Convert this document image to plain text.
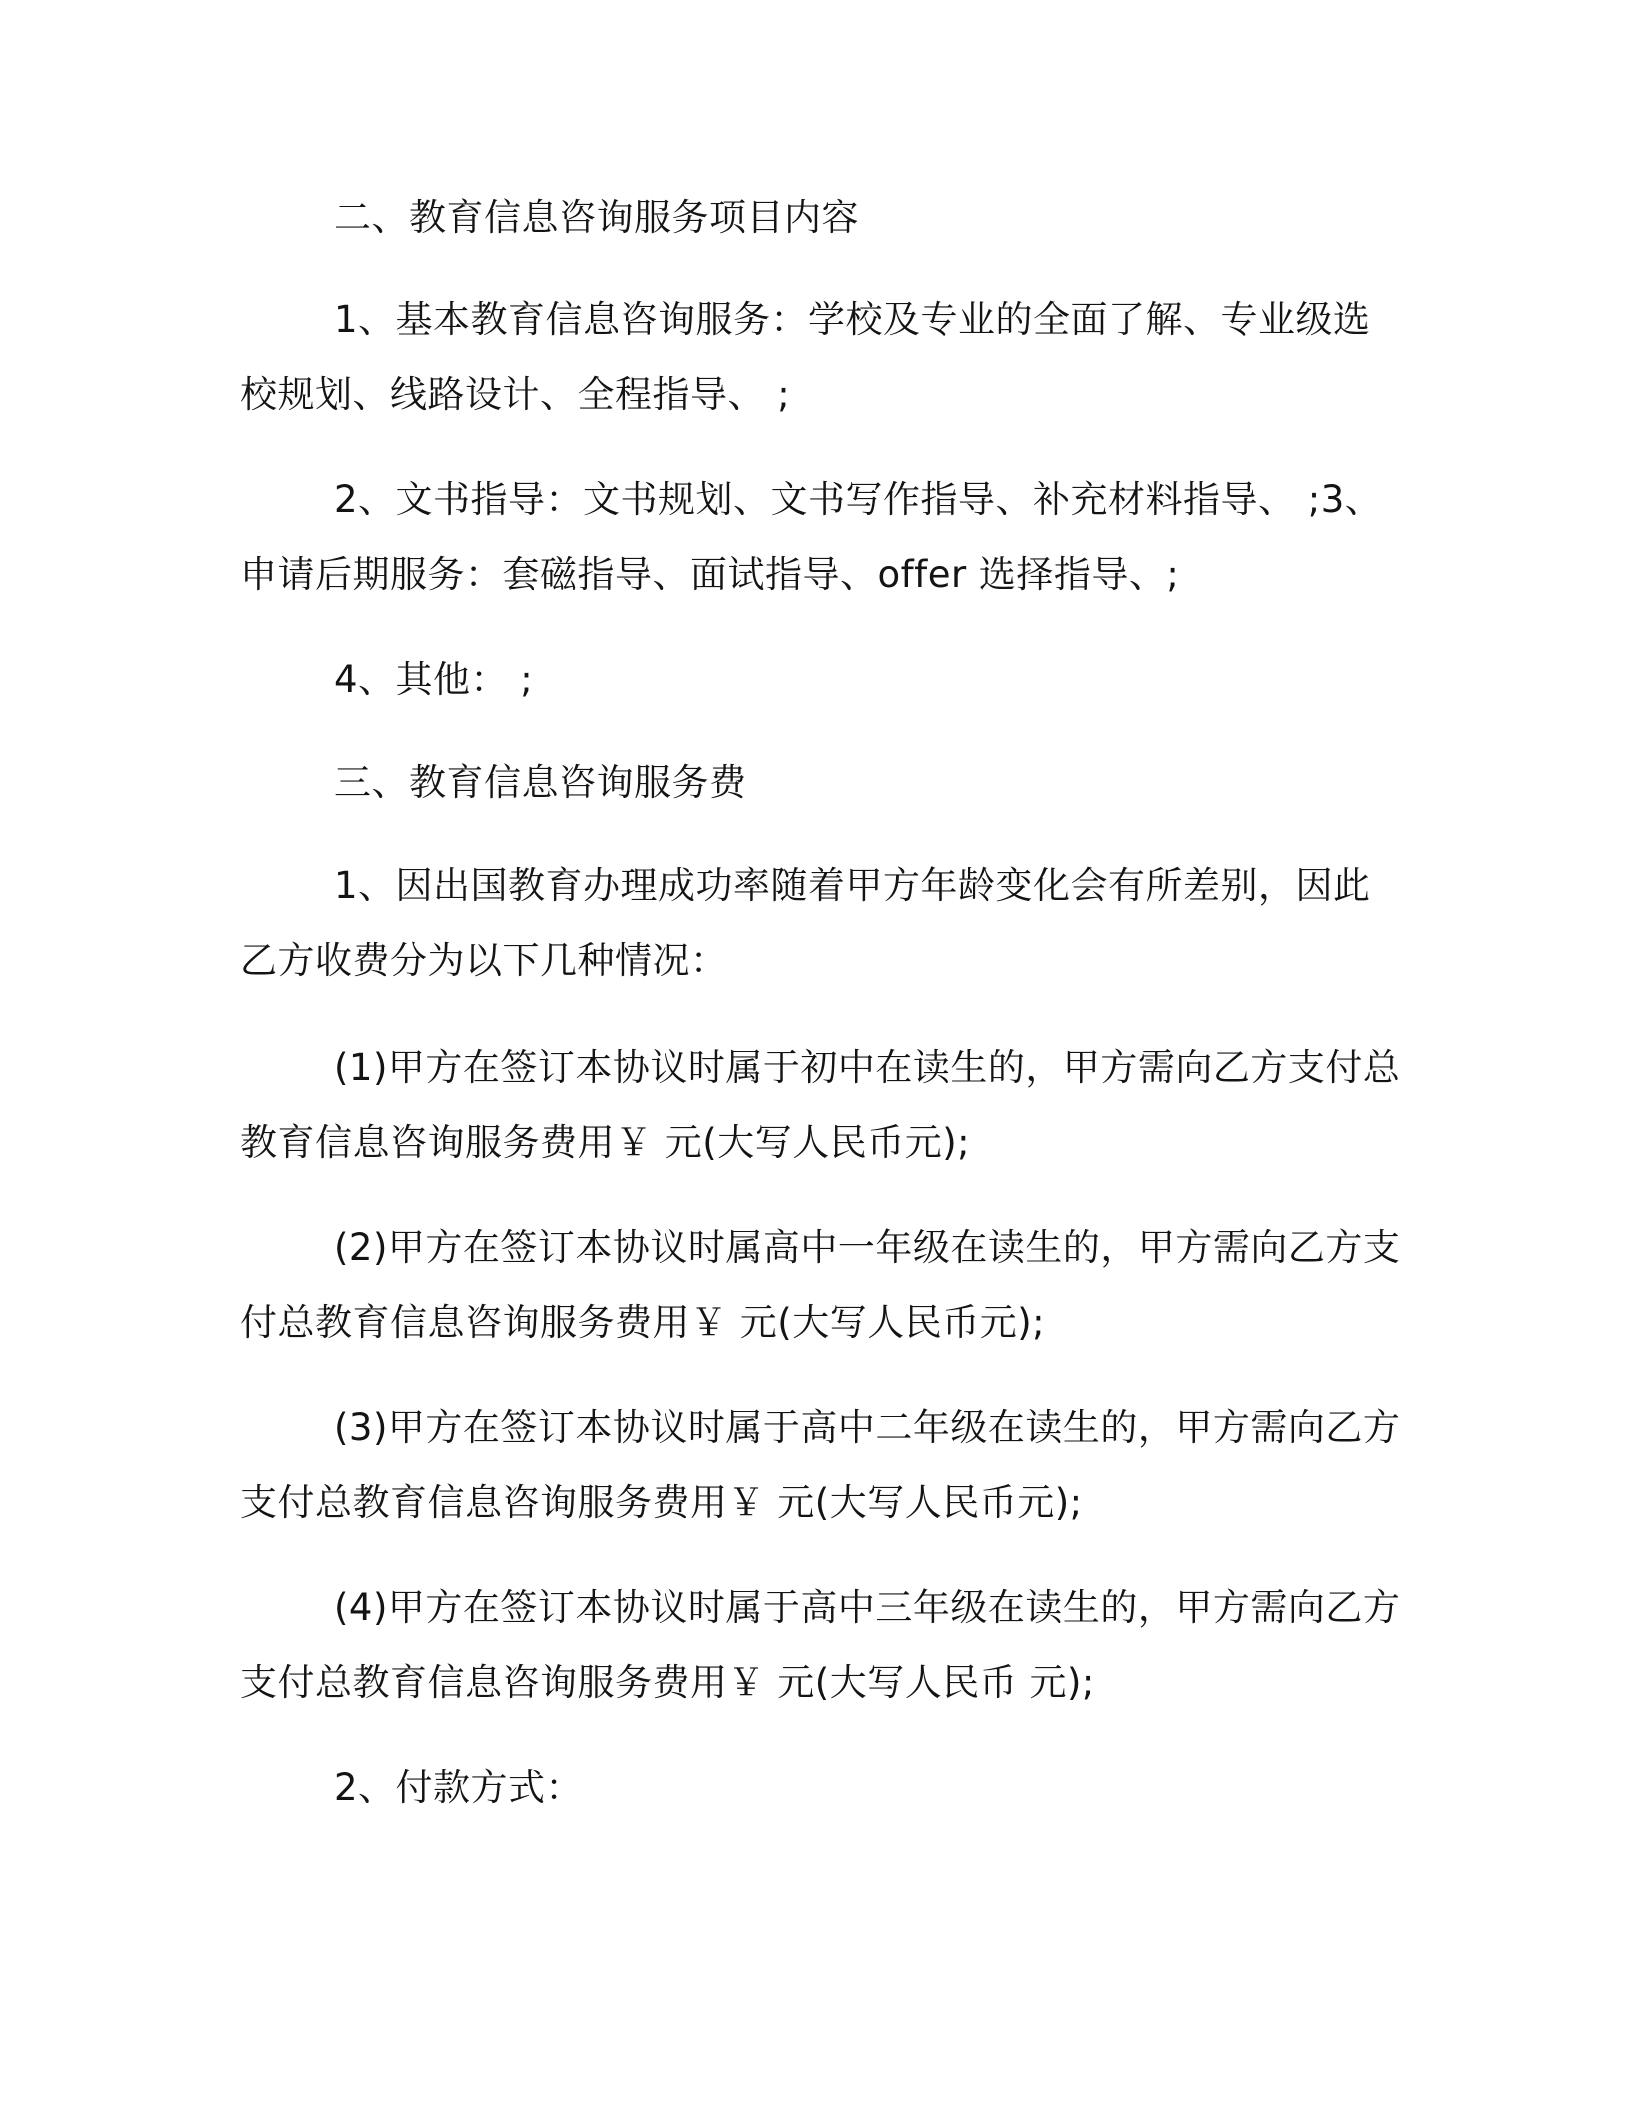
二、教育信息咨询服务项目内容
1、基本教育信息咨询服务：学校及专业的全面了解、专业级选
校规划、线路设计、全程指导、 ;
2、文书指导：文书规划、文书写作指导、补充材料指导、 ;3、
申请后期服务：套磁指导、面试指导、offer 选择指导、;
4、其他： ;
三、教育信息咨询服务费
1、因出国教育办理成功率随着甲方年龄变化会有所差别，因此
乙方收费分为以下几种情况：
(1)甲方在签订本协议时属于初中在读生的，甲方需向乙方支付总
教育信息咨询服务费用￥ 元(大写人民币元);
(2)甲方在签订本协议时属高中一年级在读生的，甲方需向乙方支
付总教育信息咨询服务费用￥ 元(大写人民币元);
(3)甲方在签订本协议时属于高中二年级在读生的，甲方需向乙方
支付总教育信息咨询服务费用￥ 元(大写人民币元);
(4)甲方在签订本协议时属于高中三年级在读生的，甲方需向乙方
支付总教育信息咨询服务费用￥ 元(大写人民币 元);
2、付款方式：
